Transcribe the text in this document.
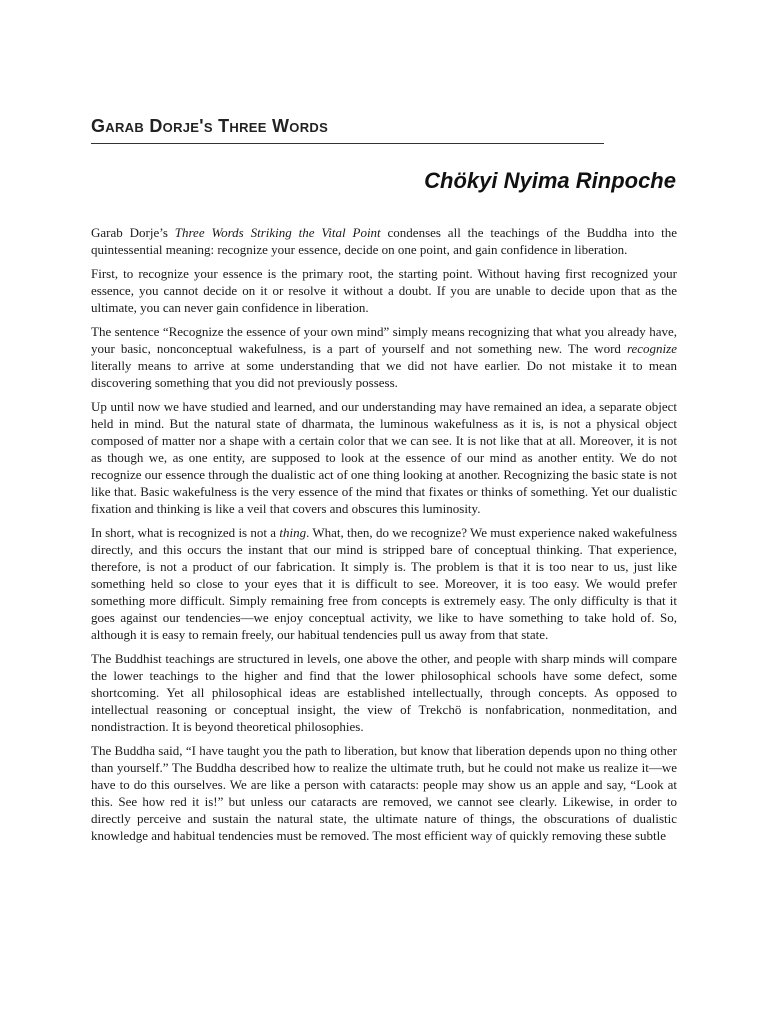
Garab Dorje's Three Words
Chökyi Nyima Rinpoche

Garab Dorje’s Three Words Striking the Vital Point condenses all the teachings of the Buddha into the quintessential meaning: recognize your essence, decide on one point, and gain confidence in liberation.

First, to recognize your essence is the primary root, the starting point. Without having first recognized your essence, you cannot decide on it or resolve it without a doubt. If you are unable to decide upon that as the ultimate, you can never gain confidence in liberation.

The sentence “Recognize the essence of your own mind” simply means recognizing that what you already have, your basic, nonconceptual wakefulness, is a part of yourself and not something new. The word recognize literally means to arrive at some understanding that we did not have earlier. Do not mistake it to mean discovering something that you did not previously possess.

Up until now we have studied and learned, and our understanding may have remained an idea, a separate object held in mind. But the natural state of dharmata, the luminous wakefulness as it is, is not a physical object composed of matter nor a shape with a certain color that we can see. It is not like that at all. Moreover, it is not as though we, as one entity, are supposed to look at the essence of our mind as another entity. We do not recognize our essence through the dualistic act of one thing looking at another. Recognizing the basic state is not like that. Basic wakefulness is the very essence of the mind that fixates or thinks of something. Yet our dualistic fixation and thinking is like a veil that covers and obscures this luminosity.

In short, what is recognized is not a thing. What, then, do we recognize? We must experience naked wakefulness directly, and this occurs the instant that our mind is stripped bare of conceptual thinking. That experience, therefore, is not a product of our fabrication. It simply is. The problem is that it is too near to us, just like something held so close to your eyes that it is difficult to see. Moreover, it is too easy. We would prefer something more difficult. Simply remaining free from concepts is extremely easy. The only difficulty is that it goes against our tendencies—we enjoy conceptual activity, we like to have something to take hold of. So, although it is easy to remain freely, our habitual tendencies pull us away from that state.

The Buddhist teachings are structured in levels, one above the other, and people with sharp minds will compare the lower teachings to the higher and find that the lower philosophical schools have some defect, some shortcoming. Yet all philosophical ideas are established intellectually, through concepts. As opposed to intellectual reasoning or conceptual insight, the view of Trekchö is nonfabrication, nonmeditation, and nondistraction. It is beyond theoretical philosophies.

The Buddha said, “I have taught you the path to liberation, but know that liberation depends upon no thing other than yourself.” The Buddha described how to realize the ultimate truth, but he could not make us realize it—we have to do this ourselves. We are like a person with cataracts: people may show us an apple and say, “Look at this. See how red it is!” but unless our cataracts are removed, we cannot see clearly. Likewise, in order to directly perceive and sustain the natural state, the ultimate nature of things, the obscurations of dualistic knowledge and habitual tendencies must be removed. The most efficient way of quickly removing these subtle
